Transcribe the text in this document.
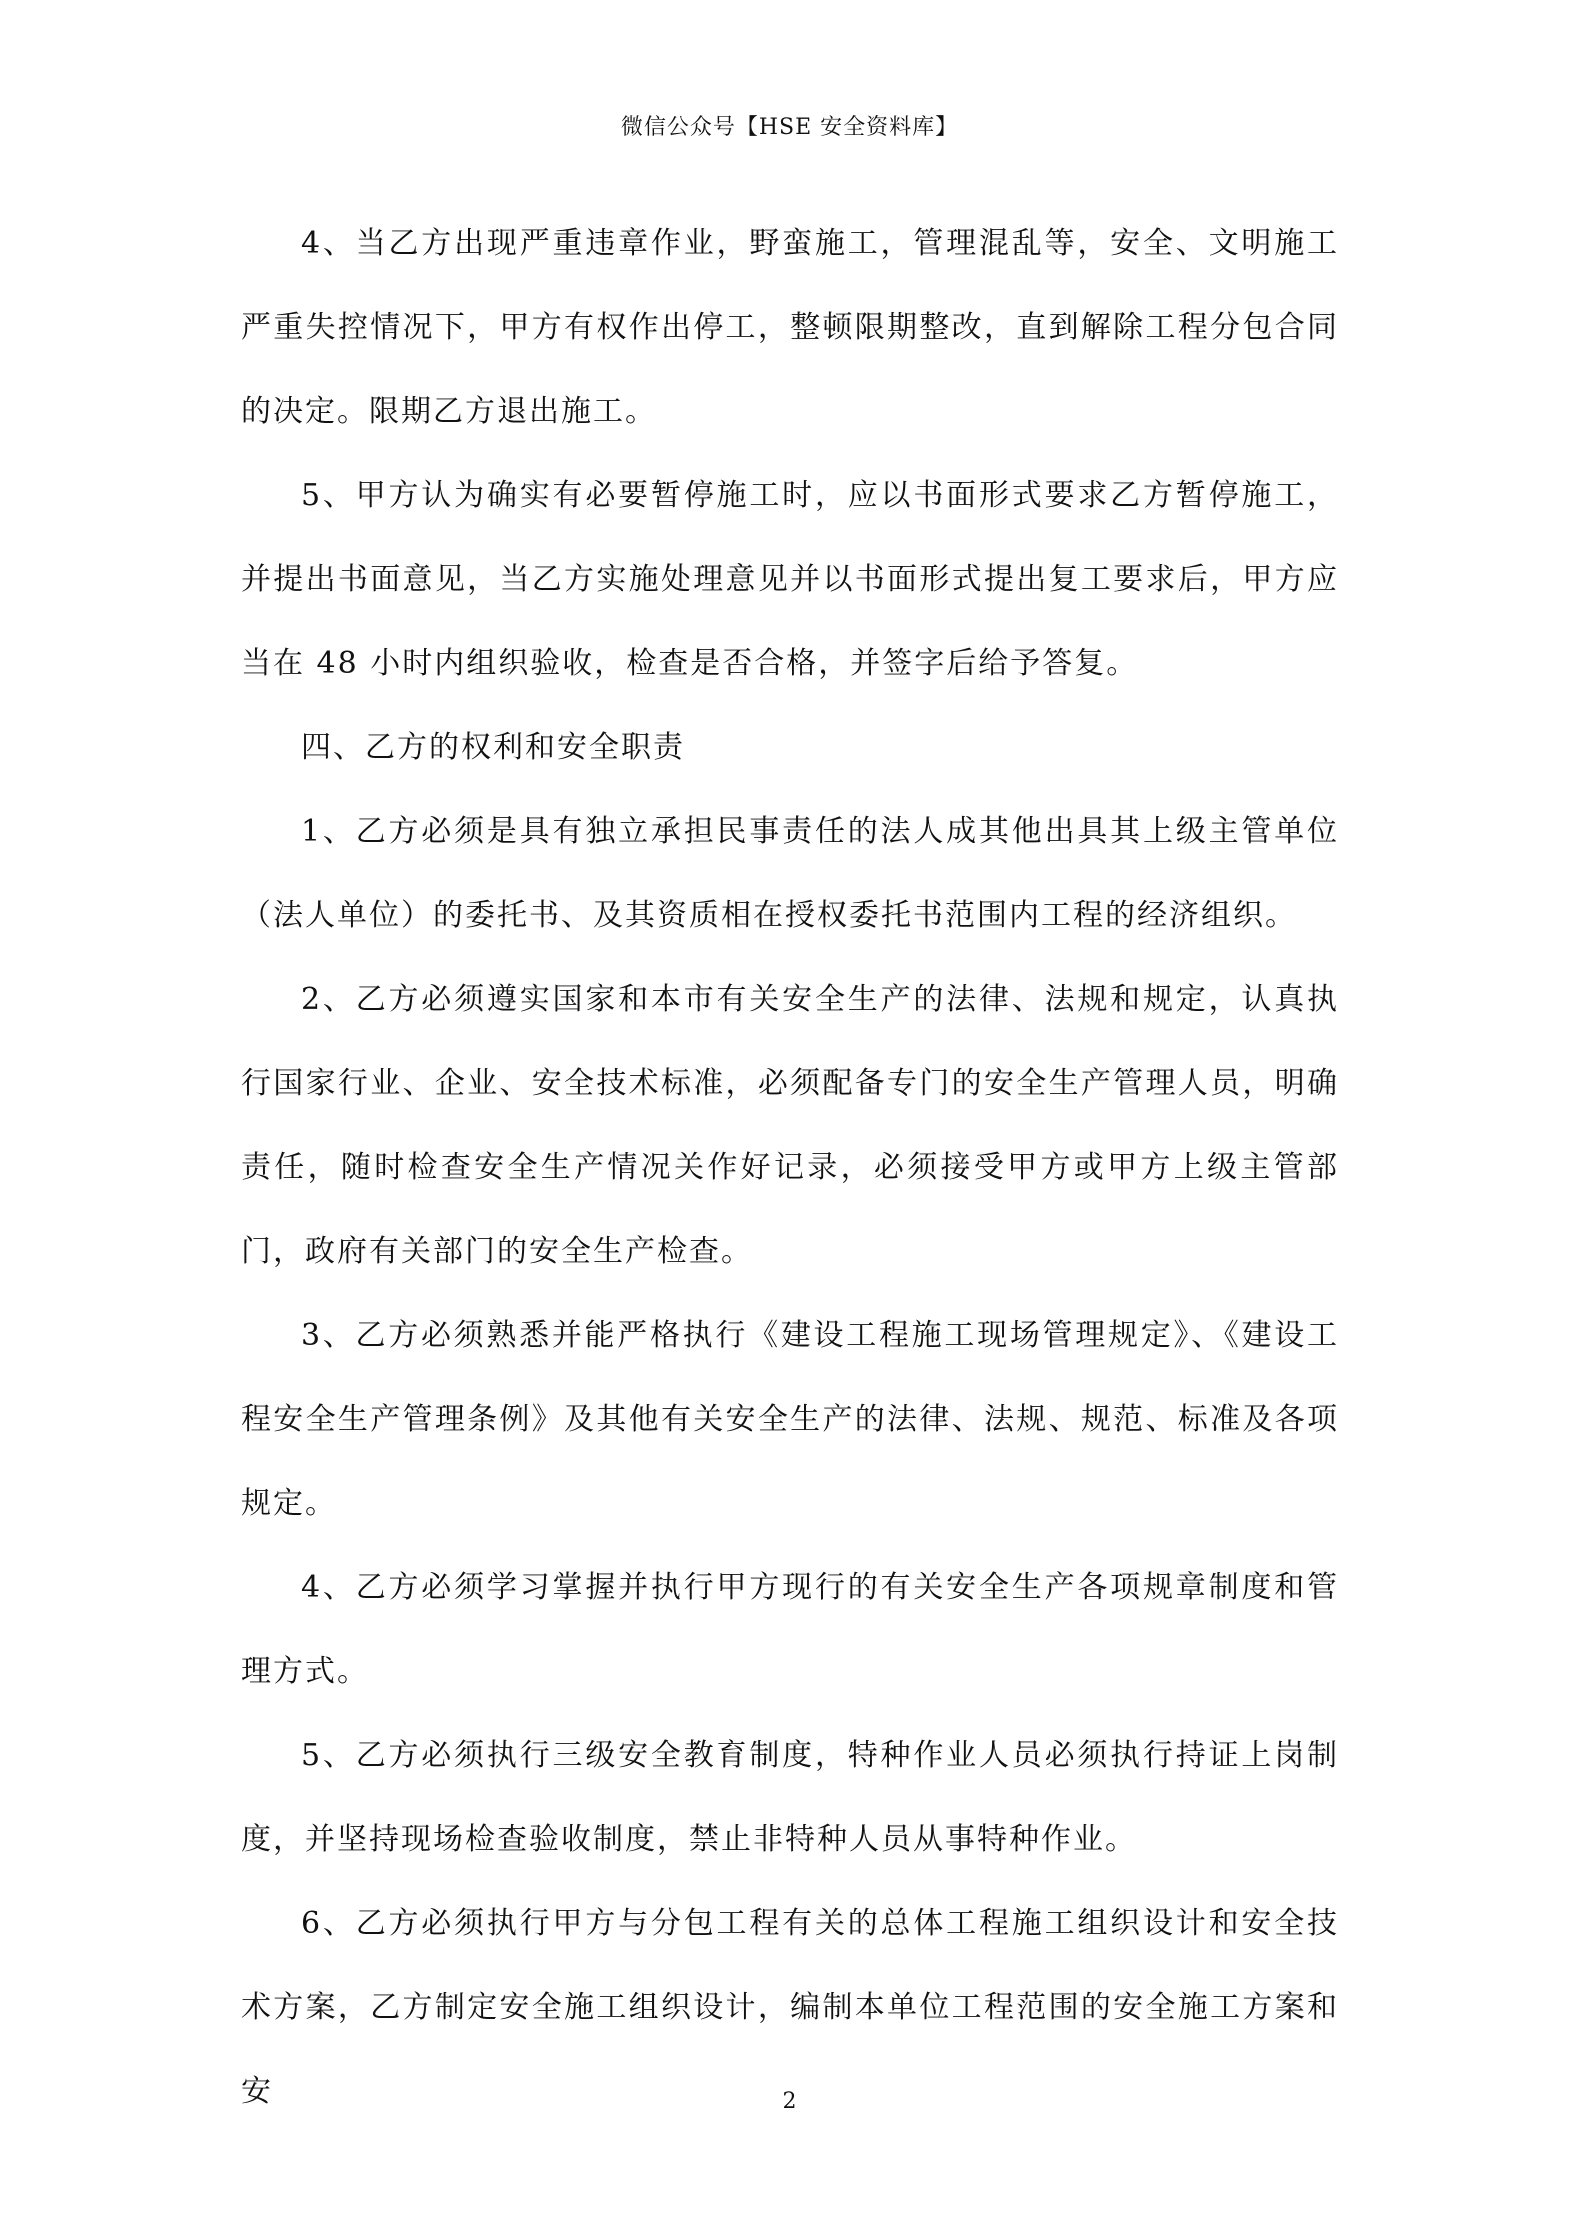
微信公众号【HSE 安全资料库】

4、当乙方出现严重违章作业，野蛮施工，管理混乱等，安全、文明施工严重失控情况下，甲方有权作出停工，整顿限期整改，直到解除工程分包合同的决定。限期乙方退出施工。

5、甲方认为确实有必要暂停施工时，应以书面形式要求乙方暂停施工，并提出书面意见，当乙方实施处理意见并以书面形式提出复工要求后，甲方应当在 48 小时内组织验收，检查是否合格，并签字后给予答复。

四、乙方的权利和安全职责

1、乙方必须是具有独立承担民事责任的法人成其他出具其上级主管单位（法人单位）的委托书、及其资质相在授权委托书范围内工程的经济组织。

2、乙方必须遵实国家和本市有关安全生产的法律、法规和规定，认真执行国家行业、企业、安全技术标准，必须配备专门的安全生产管理人员，明确责任，随时检查安全生产情况关作好记录，必须接受甲方或甲方上级主管部门，政府有关部门的安全生产检查。

3、乙方必须熟悉并能严格执行《建设工程施工现场管理规定》、《建设工程安全生产管理条例》及其他有关安全生产的法律、法规、规范、标准及各项规定。

4、乙方必须学习掌握并执行甲方现行的有关安全生产各项规章制度和管理方式。

5、乙方必须执行三级安全教育制度，特种作业人员必须执行持证上岗制度，并坚持现场检查验收制度，禁止非特种人员从事特种作业。

6、乙方必须执行甲方与分包工程有关的总体工程施工组织设计和安全技术方案，乙方制定安全施工组织设计，编制本单位工程范围的安全施工方案和安	2
